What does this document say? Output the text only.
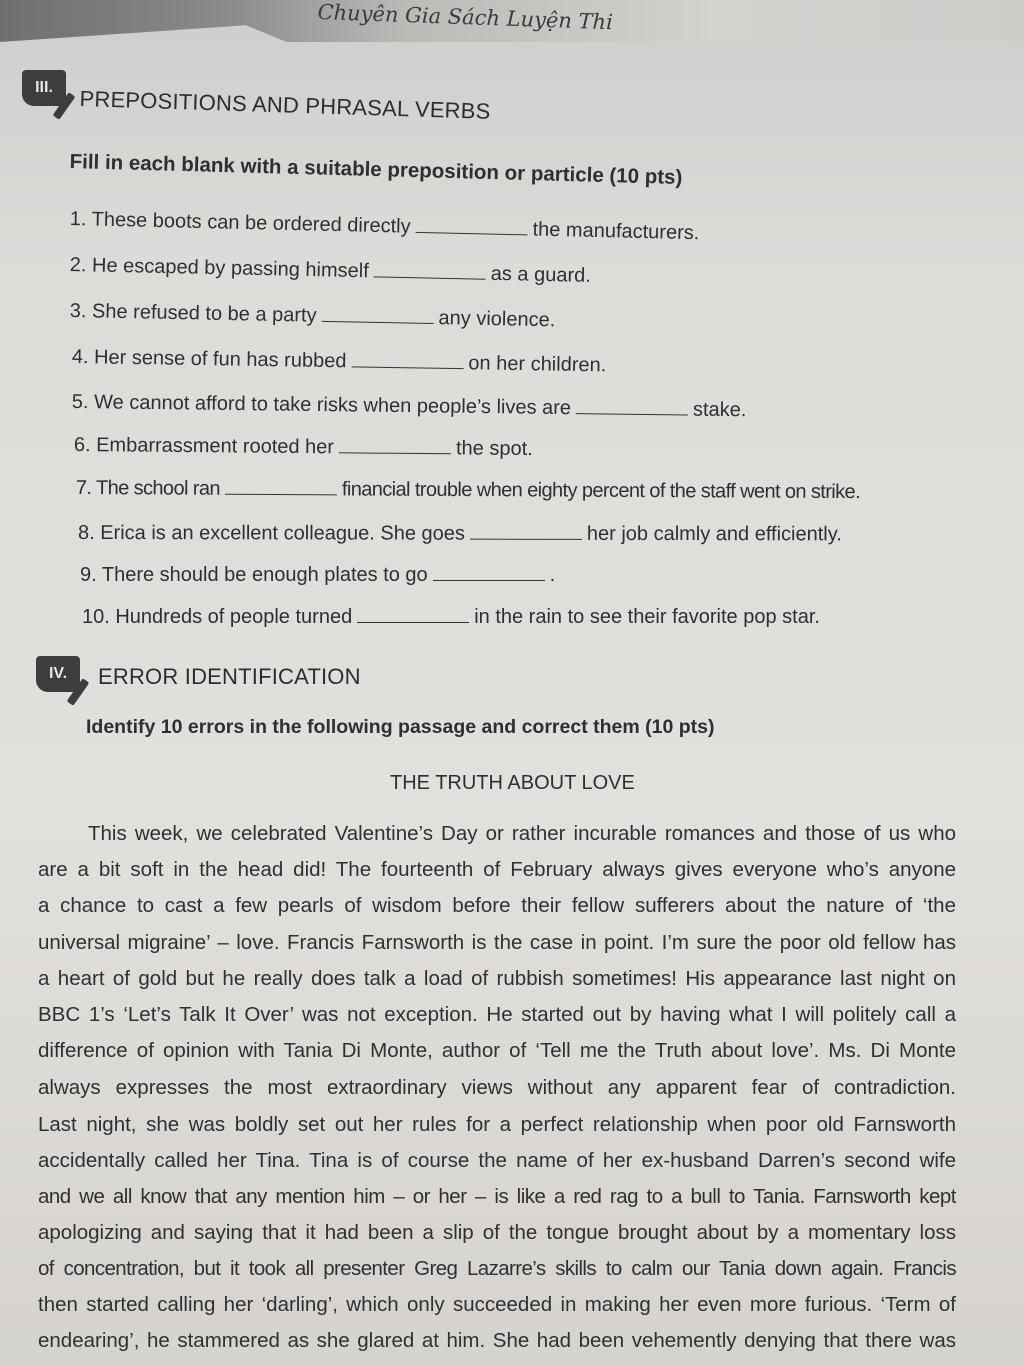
Chuyên Gia Sách Luyện Thi
III. PREPOSITIONS AND PHRASAL VERBS
Fill in each blank with a suitable preposition or particle (10 pts)
1. These boots can be ordered directly	the manufacturers.
2. He escaped by passing himself	as a guard.
3. She refused to be a party	any violence.
4. Her sense of fun has rubbed	on her children.
5. We cannot afford to take risks when people’s lives are	stake.
6. Embarrassment rooted her	the spot.
7. The school ran	financial trouble when eighty percent of the staff went on strike.
8. Erica is an excellent colleague. She goes	her job calmly and efficiently.
9. There should be enough plates to go	.
10. Hundreds of people turned	in the rain to see their favorite pop star.
IV. ERROR IDENTIFICATION
Identify 10 errors in the following passage and correct them (10 pts)
THE TRUTH ABOUT LOVE
This week, we celebrated Valentine’s Day or rather incurable romances and those of us who
are a bit soft in the head did! The fourteenth of February always gives everyone who’s anyone
a chance to cast a few pearls of wisdom before their fellow sufferers about the nature of ‘the
universal migraine’ – love. Francis Farnsworth is the case in point. I’m sure the poor old fellow has
a heart of gold but he really does talk a load of rubbish sometimes! His appearance last night on
BBC 1’s ‘Let’s Talk It Over’ was not exception. He started out by having what I will politely call a
difference of opinion with Tania Di Monte, author of ‘Tell me the Truth about love’. Ms. Di Monte
always expresses the most extraordinary views without any apparent fear of contradiction.
Last night, she was boldly set out her rules for a perfect relationship when poor old Farnsworth
accidentally called her Tina. Tina is of course the name of her ex-husband Darren’s second wife
and we all know that any mention him – or her – is like a red rag to a bull to Tania. Farnsworth kept
apologizing and saying that it had been a slip of the tongue brought about by a momentary loss
of concentration, but it took all presenter Greg Lazarre’s skills to calm our Tania down again. Francis
then started calling her ‘darling’, which only succeeded in making her even more furious. ‘Term of
endearing’, he stammered as she glared at him. She had been vehemently denying that there was
